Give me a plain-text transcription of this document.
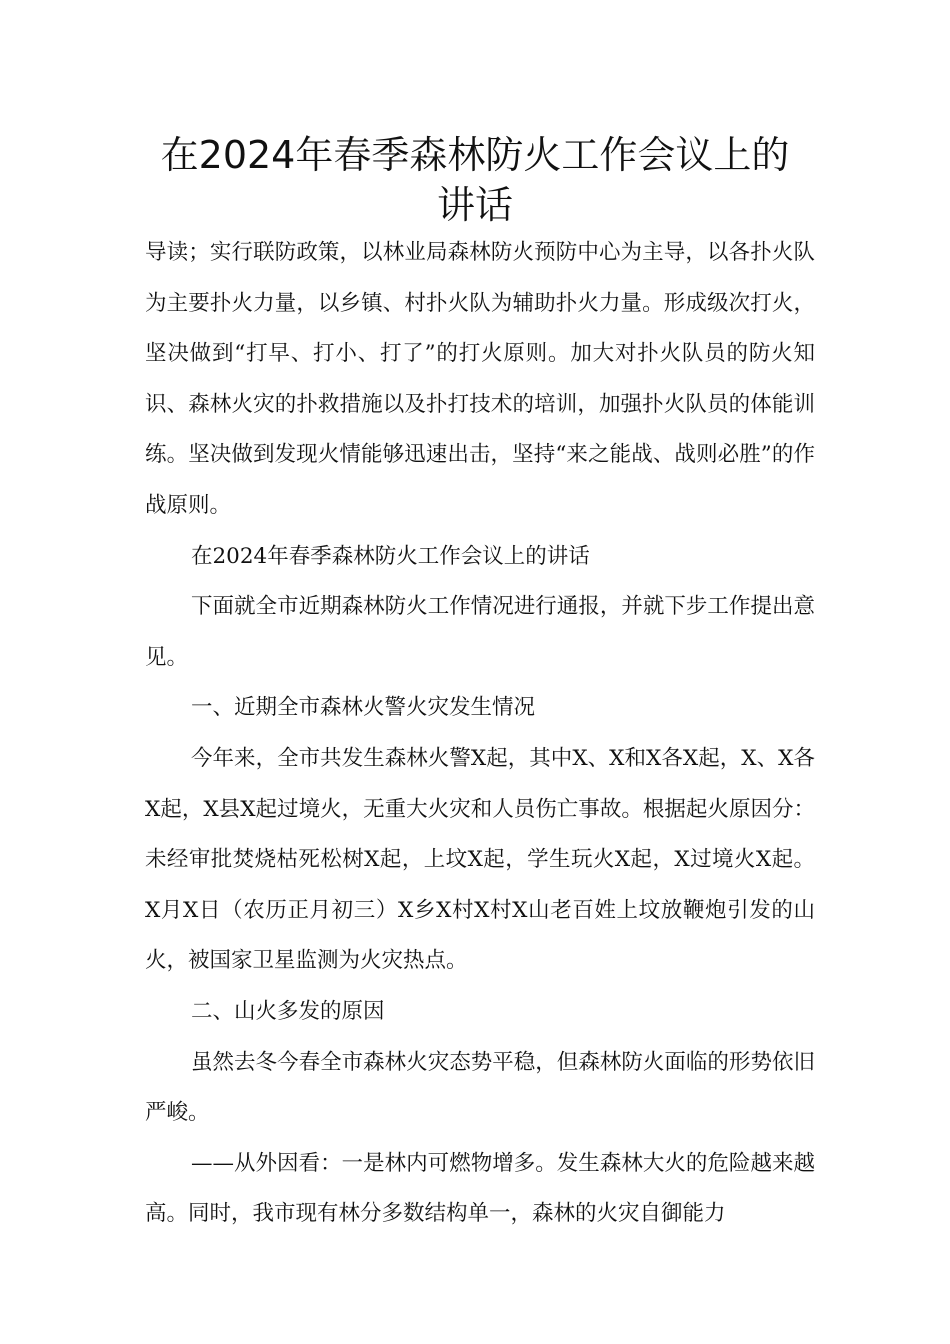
在2024年春季森林防火工作会议上的
讲话

导读；实行联防政策，以林业局森林防火预防中心为主导，以各扑火队为主要扑火力量，以乡镇、村扑火队为辅助扑火力量。形成级次打火，坚决做到“打早、打小、打了”的打火原则。加大对扑火队员的防火知识、森林火灾的扑救措施以及扑打技术的培训，加强扑火队员的体能训练。坚决做到发现火情能够迅速出击，坚持“来之能战、战则必胜”的作战原则。

在2024年春季森林防火工作会议上的讲话

下面就全市近期森林防火工作情况进行通报，并就下步工作提出意见。

一、近期全市森林火警火灾发生情况

今年来，全市共发生森林火警X起，其中X、X和X各X起，X、X各X起，X县X起过境火，无重大火灾和人员伤亡事故。根据起火原因分：未经审批焚烧枯死松树X起，上坟X起，学生玩火X起，X过境火X起。X月X日（农历正月初三）X乡X村X村X山老百姓上坟放鞭炮引发的山火，被国家卫星监测为火灾热点。

二、山火多发的原因

虽然去冬今春全市森林火灾态势平稳，但森林防火面临的形势依旧严峻。

——从外因看：一是林内可燃物增多。发生森林大火的危险越来越高。同时，我市现有林分多数结构单一，森林的火灾自御能力
